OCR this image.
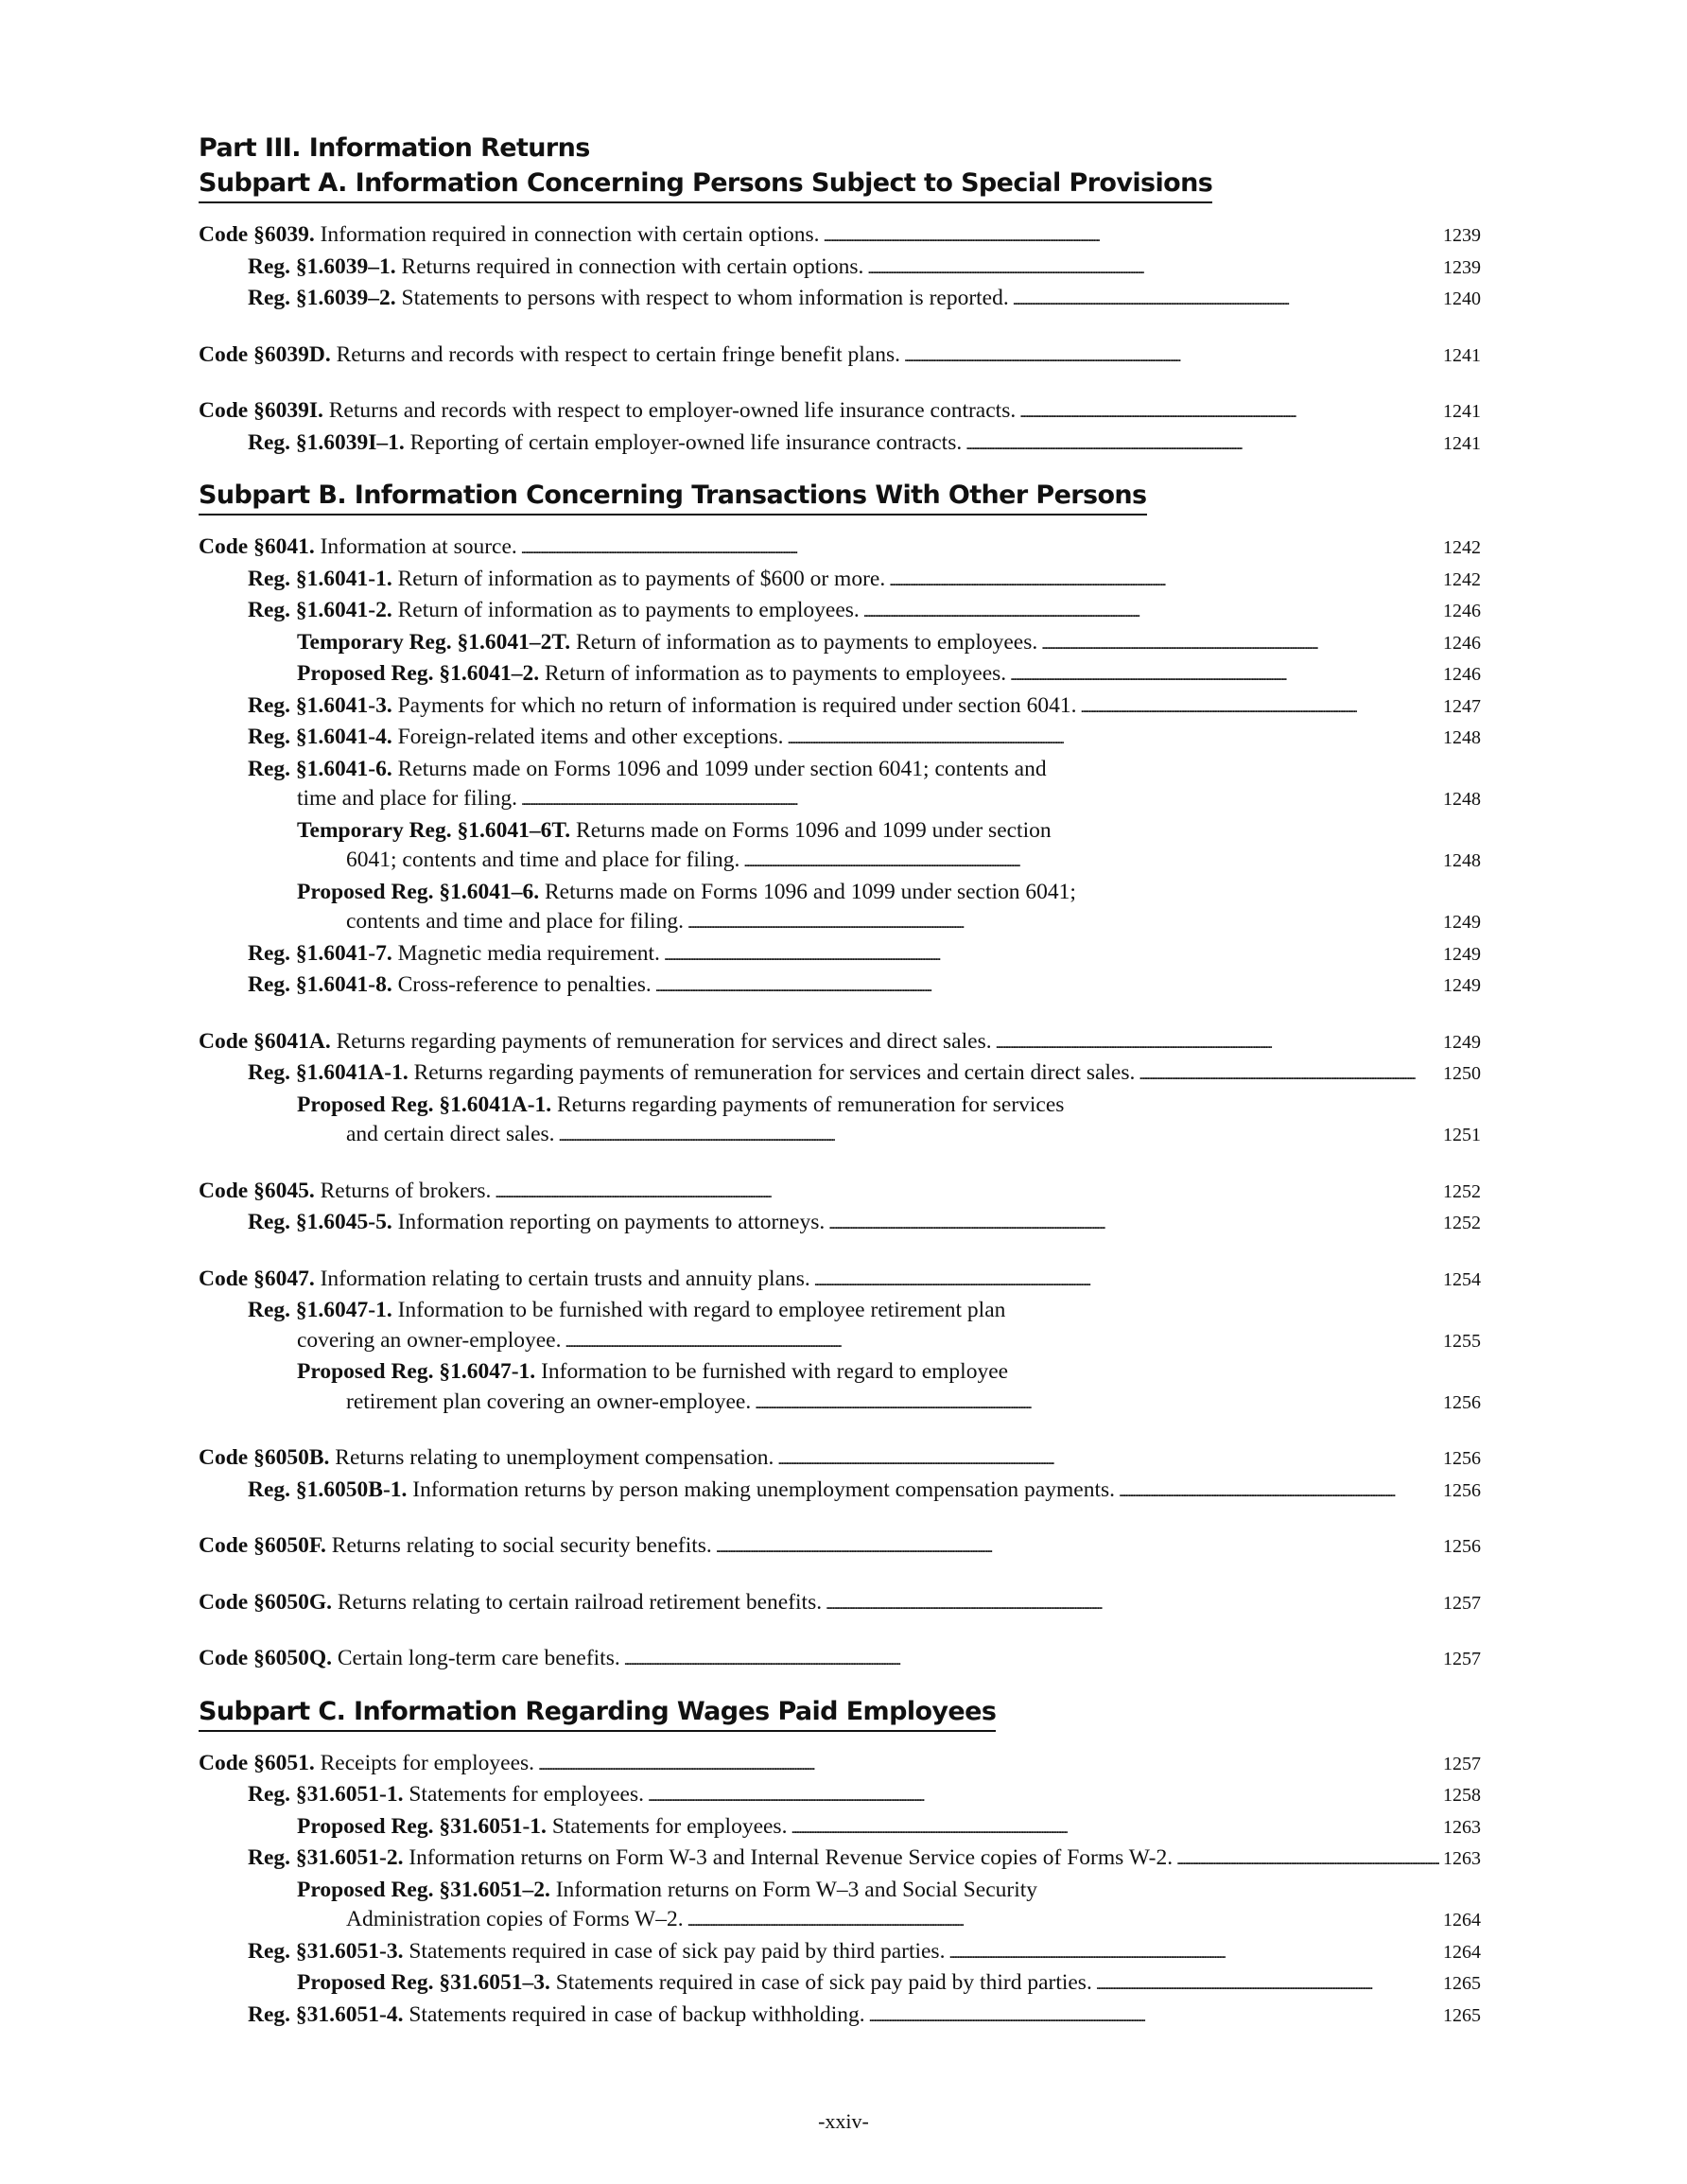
Part III. Information Returns
Subpart A. Information Concerning Persons Subject to Special Provisions
Code §6039. Information required in connection with certain options. . . .	1239
Reg. §1.6039–1. Returns required in connection with certain options. . . .	1239
Reg. §1.6039–2. Statements to persons with respect to whom information is reported. . . .	1240
Code §6039D. Returns and records with respect to certain fringe benefit plans. . . .	1241
Code §6039I. Returns and records with respect to employer-owned life insurance contracts. . . .	1241
Reg. §1.6039I–1. Reporting of certain employer-owned life insurance contracts. . . .	1241
Subpart B. Information Concerning Transactions With Other Persons
Code §6041. Information at source. . . .	1242
Reg. §1.6041-1. Return of information as to payments of $600 or more. . . .	1242
Reg. §1.6041-2. Return of information as to payments to employees. . . .	1246
Temporary Reg. §1.6041–2T. Return of information as to payments to employees. . . .	1246
Proposed Reg. §1.6041–2. Return of information as to payments to employees. . . .	1246
Reg. §1.6041-3. Payments for which no return of information is required under section 6041. . . .	1247
Reg. §1.6041-4. Foreign-related items and other exceptions. . . .	1248
Reg. §1.6041-6. Returns made on Forms 1096 and 1099 under section 6041; contents and
time and place for filing. . . .	1248
Temporary Reg. §1.6041–6T. Returns made on Forms 1096 and 1099 under section
6041; contents and time and place for filing. . . .	1248
Proposed Reg. §1.6041–6. Returns made on Forms 1096 and 1099 under section 6041;
contents and time and place for filing. . . .	1249
Reg. §1.6041-7. Magnetic media requirement. . . .	1249
Reg. §1.6041-8. Cross-reference to penalties. . . .	1249
Code §6041A. Returns regarding payments of remuneration for services and direct sales. . . .	1249
Reg. §1.6041A-1. Returns regarding payments of remuneration for services and certain direct sales. . . .	1250
Proposed Reg. §1.6041A-1. Returns regarding payments of remuneration for services
and certain direct sales. . . .	1251
Code §6045. Returns of brokers. . . .	1252
Reg. §1.6045-5. Information reporting on payments to attorneys. . . .	1252
Code §6047. Information relating to certain trusts and annuity plans. . . .	1254
Reg. §1.6047-1. Information to be furnished with regard to employee retirement plan
covering an owner-employee. . . .	1255
Proposed Reg. §1.6047-1. Information to be furnished with regard to employee
retirement plan covering an owner-employee. . . .	1256
Code §6050B. Returns relating to unemployment compensation. . . .	1256
Reg. §1.6050B-1. Information returns by person making unemployment compensation payments. . . .	1256
Code §6050F. Returns relating to social security benefits. . . .	1256
Code §6050G. Returns relating to certain railroad retirement benefits. . . .	1257
Code §6050Q. Certain long-term care benefits. . . .	1257
Subpart C. Information Regarding Wages Paid Employees
Code §6051. Receipts for employees. . . .	1257
Reg. §31.6051-1. Statements for employees. . . .	1258
Proposed Reg. §31.6051-1. Statements for employees. . . .	1263
Reg. §31.6051-2. Information returns on Form W-3 and Internal Revenue Service copies of Forms W-2. . . .	1263
Proposed Reg. §31.6051–2. Information returns on Form W–3 and Social Security
Administration copies of Forms W–2. . . .	1264
Reg. §31.6051-3. Statements required in case of sick pay paid by third parties. . . .	1264
Proposed Reg. §31.6051–3. Statements required in case of sick pay paid by third parties. . . .	1265
Reg. §31.6051-4. Statements required in case of backup withholding. . . .	1265
-xxiv-
